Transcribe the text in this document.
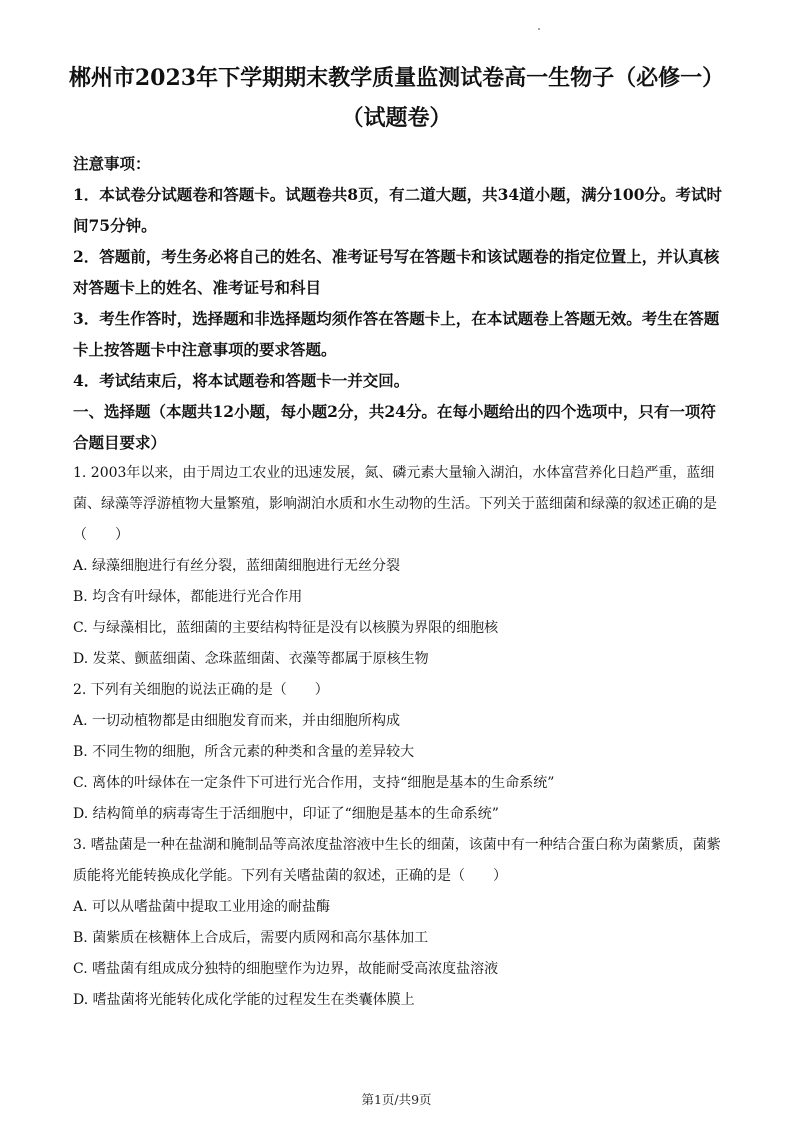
郴州市2023年下学期期末教学质量监测试卷高一生物子（必修一）（试题卷）

注意事项：

1．本试卷分试题卷和答题卡。试题卷共8页，有二道大题，共34道小题，满分100分。考试时间75分钟。

2．答题前，考生务必将自己的姓名、准考证号写在答题卡和该试题卷的指定位置上，并认真核对答题卡上的姓名、准考证号和科目

3．考生作答时，选择题和非选择题均须作答在答题卡上，在本试题卷上答题无效。考生在答题卡上按答题卡中注意事项的要求答题。

4．考试结束后，将本试题卷和答题卡一并交回。

一、选择题（本题共12小题，每小题2分，共24分。在每小题给出的四个选项中，只有一项符合题目要求）

1. 2003年以来，由于周边工农业的迅速发展，氮、磷元素大量输入湖泊，水体富营养化日趋严重，蓝细菌、绿藻等浮游植物大量繁殖，影响湖泊水质和水生动物的生活。下列关于蓝细菌和绿藻的叙述正确的是（　　）

A. 绿藻细胞进行有丝分裂，蓝细菌细胞进行无丝分裂

B. 均含有叶绿体，都能进行光合作用

C. 与绿藻相比，蓝细菌的主要结构特征是没有以核膜为界限的细胞核

D. 发菜、颤蓝细菌、念珠蓝细菌、衣藻等都属于原核生物

2. 下列有关细胞的说法正确的是（　　）

A. 一切动植物都是由细胞发育而来，并由细胞所构成

B. 不同生物的细胞，所含元素的种类和含量的差异较大

C. 离体的叶绿体在一定条件下可进行光合作用，支持“细胞是基本的生命系统”

D. 结构简单的病毒寄生于活细胞中，印证了“细胞是基本的生命系统”

3. 嗜盐菌是一种在盐湖和腌制品等高浓度盐溶液中生长的细菌，该菌中有一种结合蛋白称为菌紫质，菌紫质能将光能转换成化学能。下列有关嗜盐菌的叙述，正确的是（　　）

A. 可以从嗜盐菌中提取工业用途的耐盐酶

B. 菌紫质在核糖体上合成后，需要内质网和高尔基体加工

C. 嗜盐菌有组成成分独特的细胞壁作为边界，故能耐受高浓度盐溶液

D. 嗜盐菌将光能转化成化学能的过程发生在类囊体膜上

第1页/共9页
